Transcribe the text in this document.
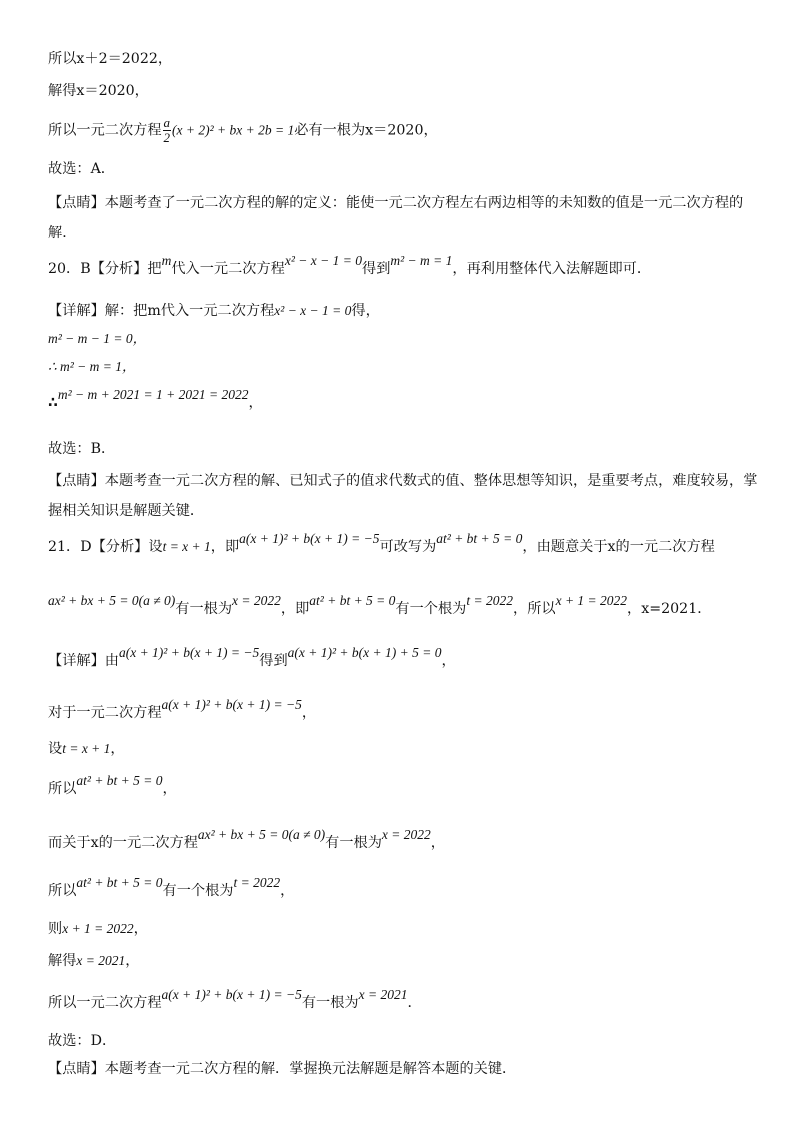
所以x＋2＝2022，
解得x＝2020，
所以一元二次方程 $\frac{a}{2} (x + 2)^2$ + bx + 2b = 1必有一根为x＝2020，
故选：A．
【点睛】本题考查了一元二次方程的解的定义：能使一元二次方程左右两边相等的未知数的值是一元二次方程的解．
20．B【分析】把m代入一元二次方程x² − x − 1 = 0得到m² − m = 1，再利用整体代入法解题即可．
【详解】解：把m代入一元二次方程x² − x − 1 = 0得，
m² − m − 1 = 0，
∴ m² − m = 1，
∴m² − m + 2021 = 1 + 2021 = 2022，
故选：B．
【点睛】本题考查一元二次方程的解、已知式子的值求代数式的值、整体思想等知识，是重要考点，难度较易，掌握相关知识是解题关键．
21．D【分析】设t = x + 1，即a(x + 1)² + b(x + 1) = −5可改写为at² + bt + 5 = 0，由题意关于x的一元二次方程
ax² + bx + 5 = 0(a ≠ 0)有一根为x = 2022，即at² + bt + 5 = 0有一个根为t = 2022，所以x + 1 = 2022，x=2021．
【详解】由a(x + 1)² + b(x + 1) = −5得到a(x + 1)² + b(x + 1) + 5 = 0，
对于一元二次方程a(x + 1)² + b(x + 1) = −5，
设t = x + 1，
所以at² + bt + 5 = 0，
而关于x的一元二次方程ax² + bx + 5 = 0(a ≠ 0)有一根为x = 2022，
所以at² + bt + 5 = 0有一个根为t = 2022，
则x + 1 = 2022，
解得x = 2021，
所以一元二次方程a(x + 1)² + b(x + 1) = −5有一根为x = 2021．
故选：D．
【点睛】本题考查一元二次方程的解．掌握换元法解题是解答本题的关键．
